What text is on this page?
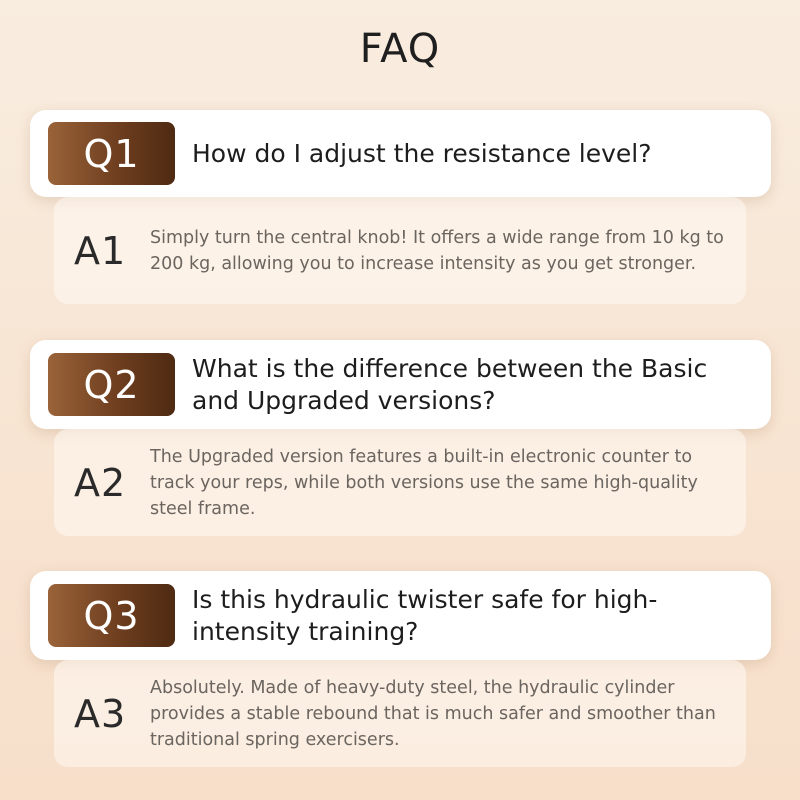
FAQ
Q1	How do I adjust the resistance level?
A1 Simply turn the central knob! It offers a wide range from 10 kg to 200 kg, allowing you to increase intensity as you get stronger.
Q2	What is the difference between the Basic and Upgraded versions?
A2
The Upgraded version features a built-in electronic counter to track your reps, while both versions use the same high-quality steel frame.
Q3	Is this hydraulic twister safe for high-intensity training?
A3
Absolutely. Made of heavy-duty steel, the hydraulic cylinder provides a stable rebound that is much safer and smoother than traditional spring exercisers.
